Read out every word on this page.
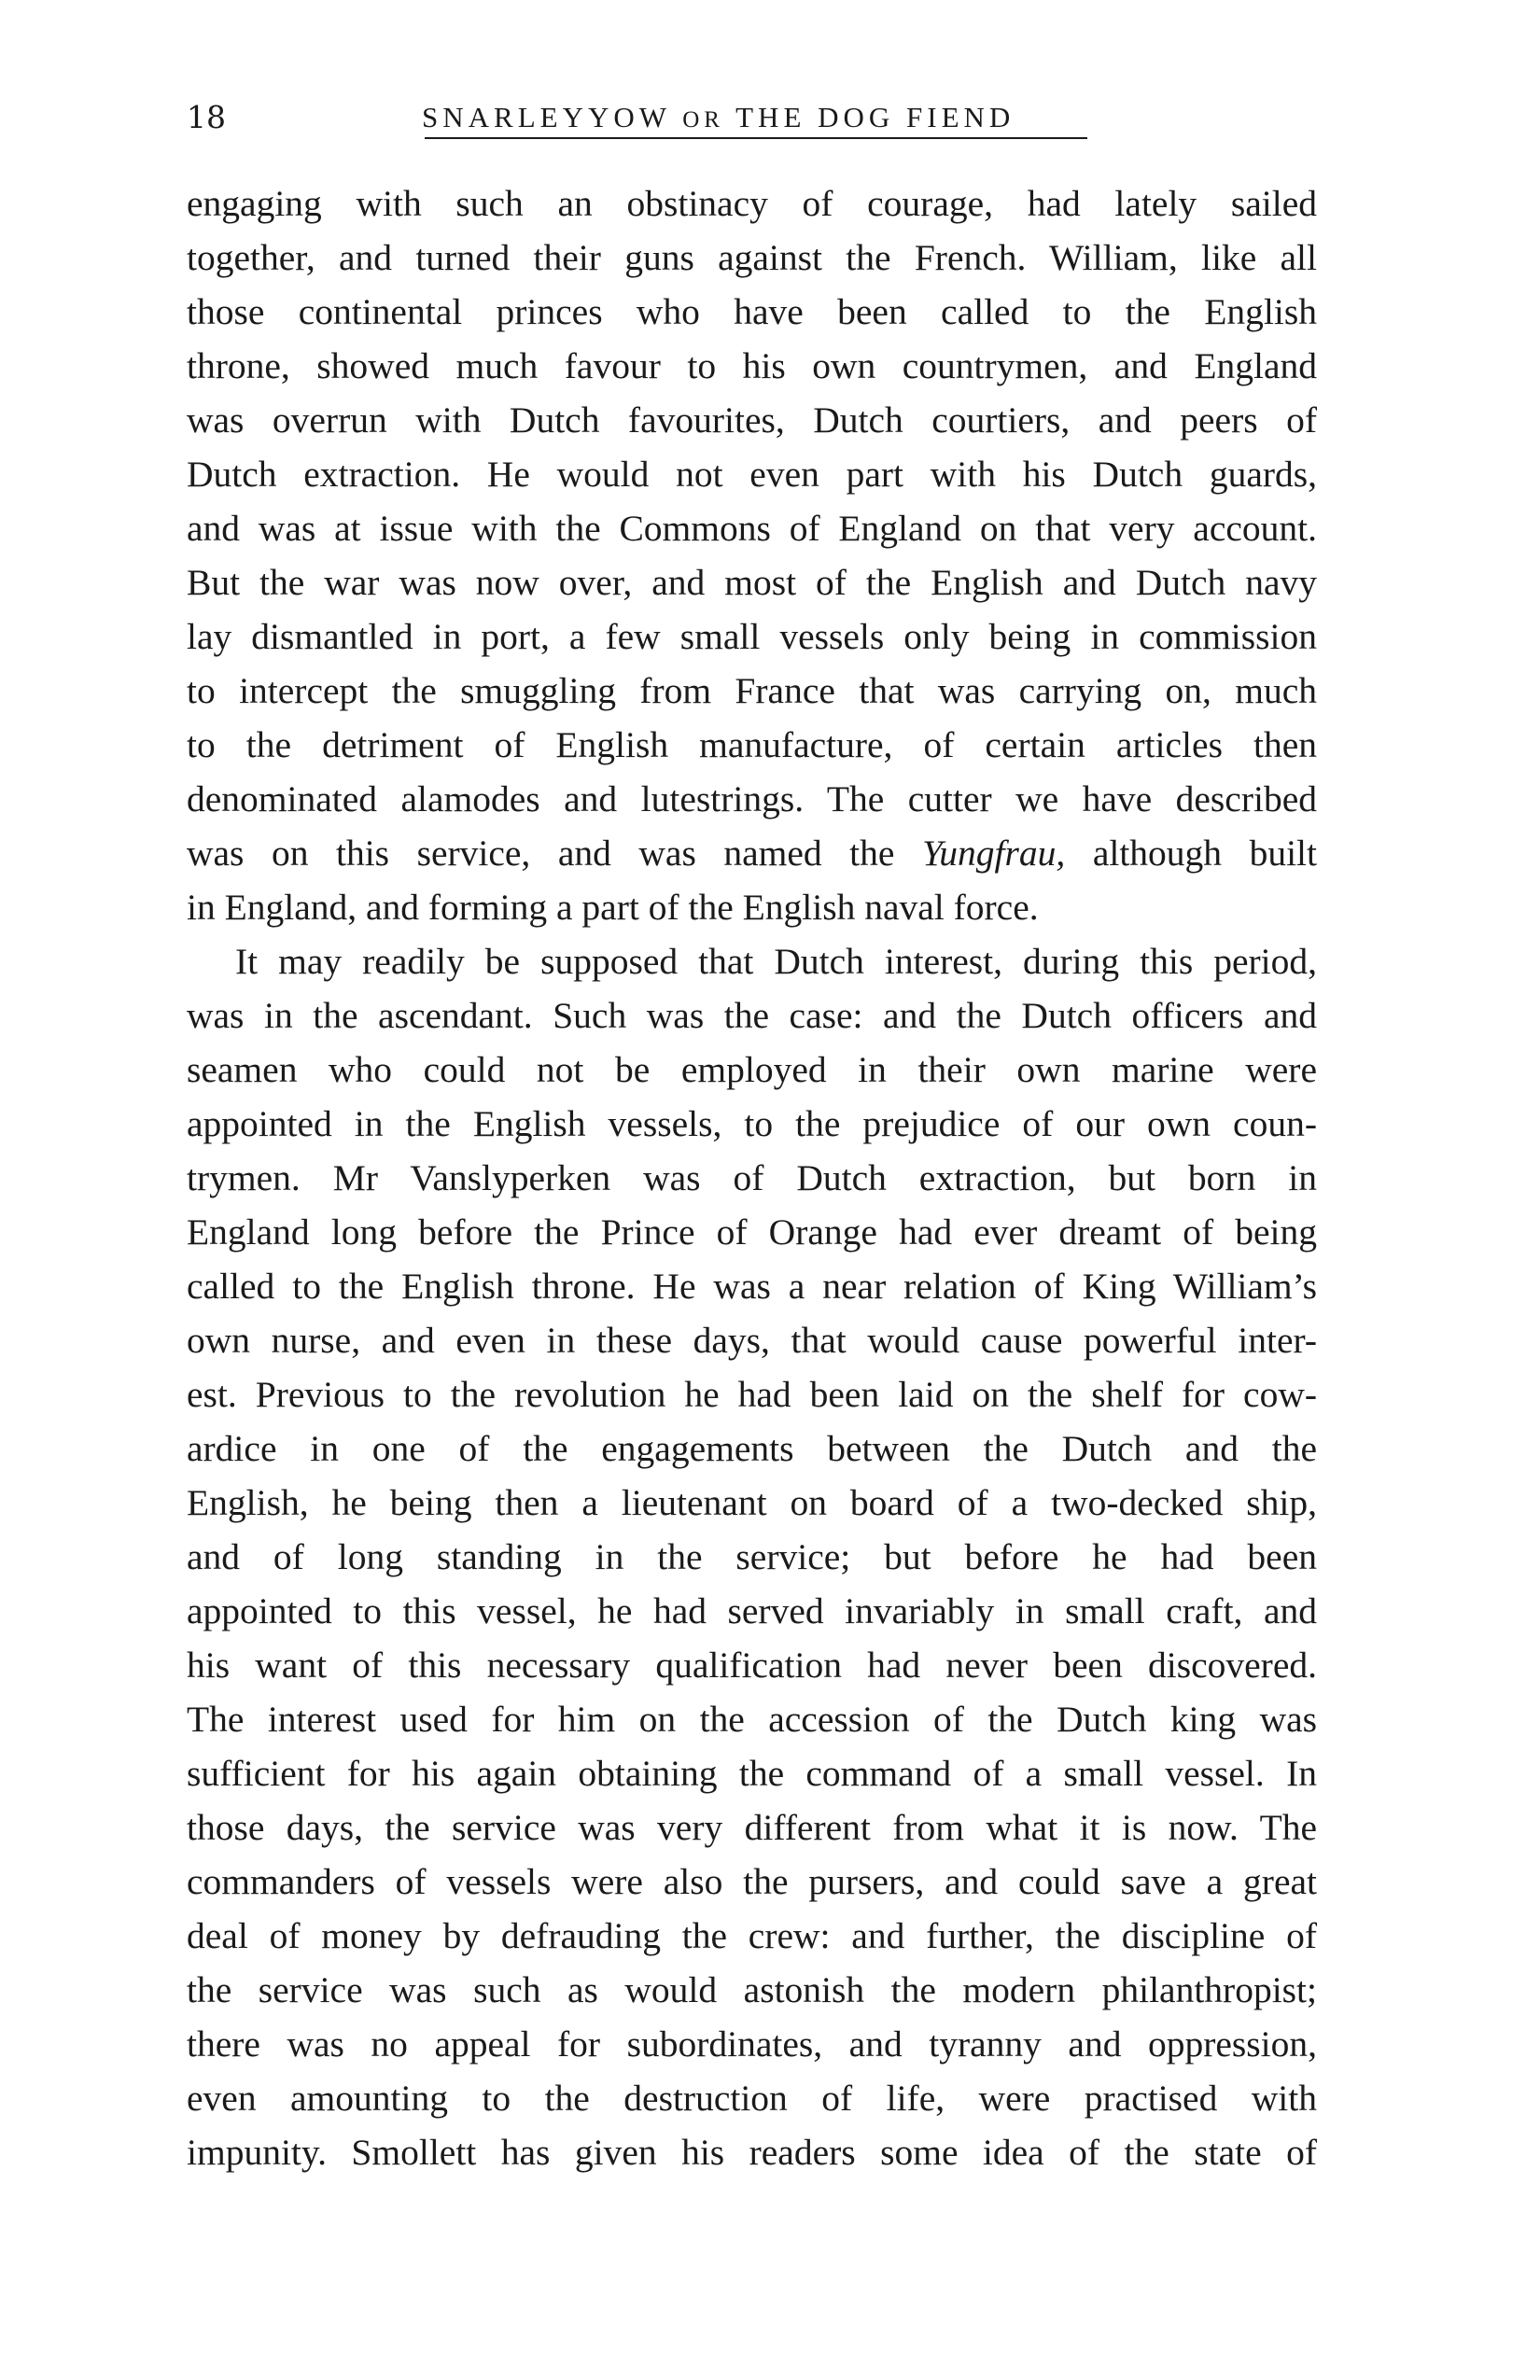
18	SNARLEYYOW OR THE DOG FIEND
engaging with such an obstinacy of courage, had lately sailed
together, and turned their guns against the French. William, like all
those continental princes who have been called to the English
throne, showed much favour to his own countrymen, and England
was overrun with Dutch favourites, Dutch courtiers, and peers of
Dutch extraction. He would not even part with his Dutch guards,
and was at issue with the Commons of England on that very account.
But the war was now over, and most of the English and Dutch navy
lay dismantled in port, a few small vessels only being in commission
to intercept the smuggling from France that was carrying on, much
to the detriment of English manufacture, of certain articles then
denominated alamodes and lutestrings. The cutter we have described
was on this service, and was named the Yungfrau, although built
in England, and forming a part of the English naval force.
It may readily be supposed that Dutch interest, during this period,
was in the ascendant. Such was the case: and the Dutch officers and
seamen who could not be employed in their own marine were
appointed in the English vessels, to the prejudice of our own coun-
trymen. Mr Vanslyperken was of Dutch extraction, but born in
England long before the Prince of Orange had ever dreamt of being
called to the English throne. He was a near relation of King William’s
own nurse, and even in these days, that would cause powerful inter-
est. Previous to the revolution he had been laid on the shelf for cow-
ardice in one of the engagements between the Dutch and the
English, he being then a lieutenant on board of a two-decked ship,
and of long standing in the service; but before he had been
appointed to this vessel, he had served invariably in small craft, and
his want of this necessary qualification had never been discovered.
The interest used for him on the accession of the Dutch king was
sufficient for his again obtaining the command of a small vessel. In
those days, the service was very different from what it is now. The
commanders of vessels were also the pursers, and could save a great
deal of money by defrauding the crew: and further, the discipline of
the service was such as would astonish the modern philanthropist;
there was no appeal for subordinates, and tyranny and oppression,
even amounting to the destruction of life, were practised with
impunity. Smollett has given his readers some idea of the state of
